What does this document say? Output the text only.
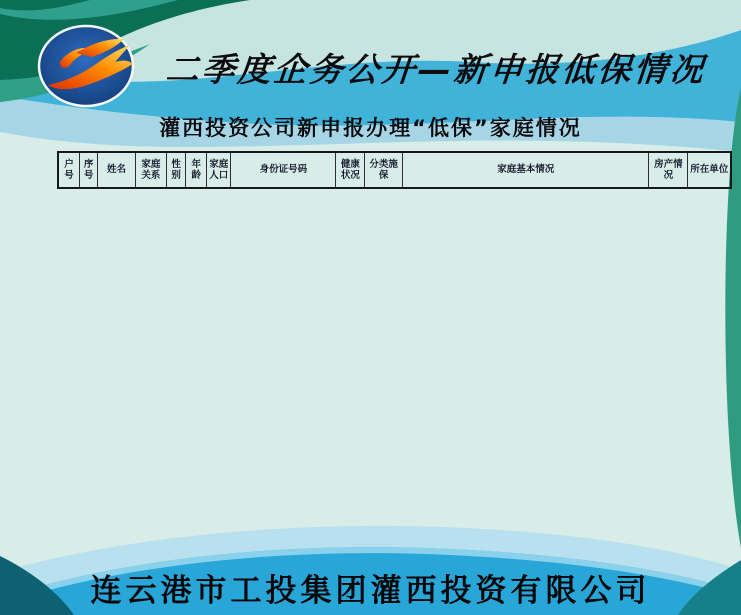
二季度企务公开—新申报低保情况
灌西投资公司新申报办理“低保”家庭情况
户号	序号	姓名	家庭关系	性别	年龄	家庭人口	身份证号码	健康状况	分类施保	家庭基本情况	房产情况	所在单位
连云港市工投集团灌西投资有限公司
